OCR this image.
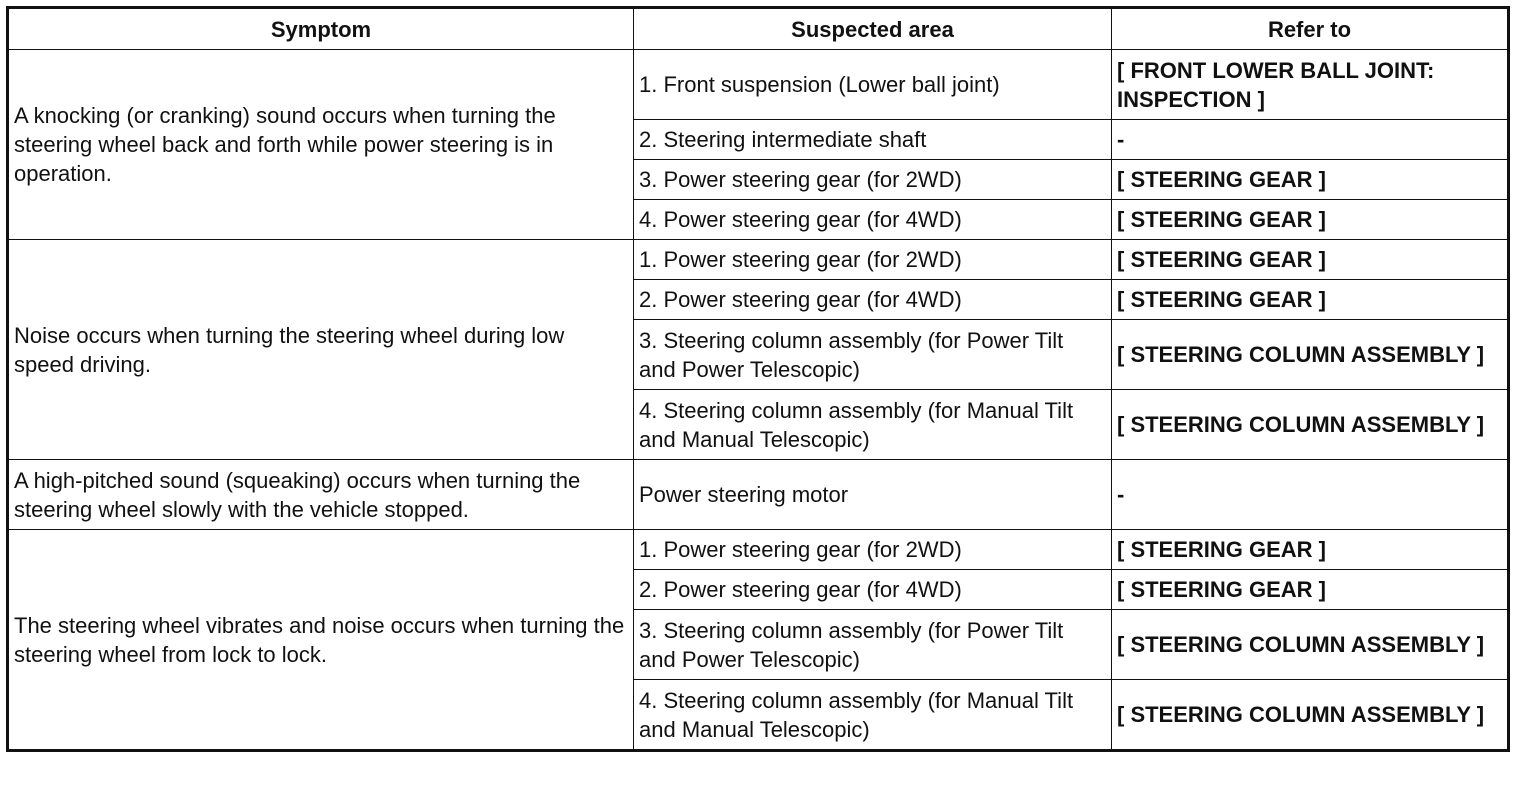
Symptom	Suspected area	Refer to
A knocking (or cranking) sound occurs when turning the steering wheel back and forth while power steering is in operation.	1. Front suspension (Lower ball joint)	[ FRONT LOWER BALL JOINT: INSPECTION ]
	2. Steering intermediate shaft	-
	3. Power steering gear (for 2WD)	[ STEERING GEAR ]
	4. Power steering gear (for 4WD)	[ STEERING GEAR ]
Noise occurs when turning the steering wheel during low speed driving.	1. Power steering gear (for 2WD)	[ STEERING GEAR ]
	2. Power steering gear (for 4WD)	[ STEERING GEAR ]
	3. Steering column assembly (for Power Tilt and Power Telescopic)	[ STEERING COLUMN ASSEMBLY ]
	4. Steering column assembly (for Manual Tilt and Manual Telescopic)	[ STEERING COLUMN ASSEMBLY ]
A high-pitched sound (squeaking) occurs when turning the steering wheel slowly with the vehicle stopped.	Power steering motor	-
The steering wheel vibrates and noise occurs when turning the steering wheel from lock to lock.	1. Power steering gear (for 2WD)	[ STEERING GEAR ]
	2. Power steering gear (for 4WD)	[ STEERING GEAR ]
	3. Steering column assembly (for Power Tilt and Power Telescopic)	[ STEERING COLUMN ASSEMBLY ]
	4. Steering column assembly (for Manual Tilt and Manual Telescopic)	[ STEERING COLUMN ASSEMBLY ]
